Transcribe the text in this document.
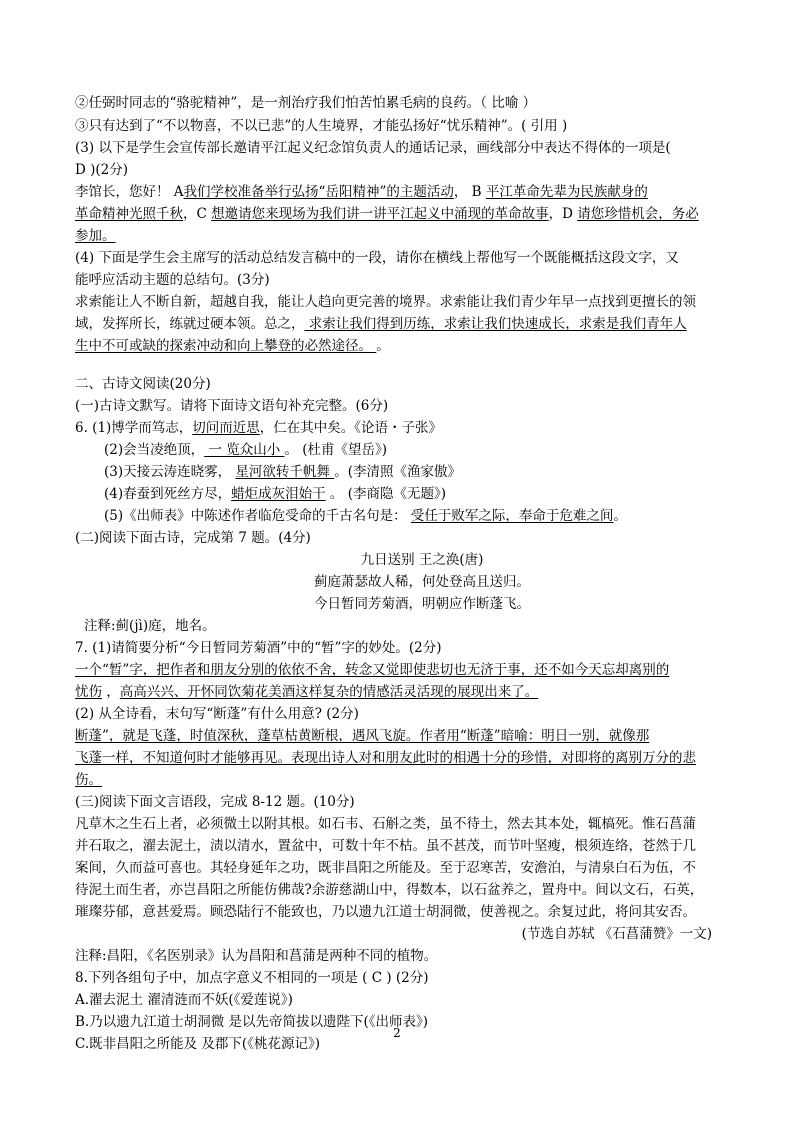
②任弼时同志的“骆驼精神”，是一剂治疗我们怕苦怕累毛病的良药。（ 比喻 ）
③只有达到了“不以物喜，不以已悲”的人生境界，才能弘扬好“忧乐精神”。( 引用 )
(3) 以下是学生会宣传部长邀请平江起义纪念馆负责人的通话记录，画线部分中表达不得体的一项是(
D )(2分)
李馆长，您好！ A我们学校准备举行弘扬“岳阳精神”的主题活动， B 平江革命先辈为民族献身的
革命精神光照千秋，C 想邀请您来现场为我们讲一讲平江起义中涌现的革命故事，D 请您珍惜机会，务必
参加。
(4) 下面是学生会主席写的活动总结发言稿中的一段，请你在横线上帮他写一个既能概括这段文字，又
能呼应活动主题的总结句。(3分)
求索能让人不断自新，超越自我，能让人趋向更完善的境界。求索能让我们青少年早一点找到更擅长的领
域，发挥所长，练就过硬本领。总之， 求索让我们得到历练，求索让我们快速成长，求索是我们青年人
生中不可或缺的探索冲动和向上攀登的必然途径。 。
二、古诗文阅读(20分)
(一)古诗文默写。请将下面诗文语句补充完整。(6分)
6. (1)博学而笃志，切问而近思，仁在其中矣。《论语・子张》
(2)会当凌绝顶， 一 览众山小 。 (杜甫《望岳》)
(3)天接云涛连晓雾， 星河欲转千帆舞 。(李清照《渔家傲》
(4)春蚕到死丝方尽，蜡炬成灰泪始干 。 (李商隐《无题》)
(5)《出师表》中陈述作者临危受命的千古名句是： 受任于败军之际，奉命于危难之间。
(二)阅读下面古诗，完成第 7 题。(4分)
九日送别 王之涣(唐)
蓟庭萧瑟故人稀，何处登高且送归。
今日暂同芳菊酒，明朝应作断蓬飞。
注释:蓟(jì)庭，地名。
7. (1)请简要分析“今日暂同芳菊酒”中的“暂”字的妙处。(2分)
一个“暂”字，把作者和朋友分别的依依不舍，转念又觉即使悲切也无济于事，还不如今天忘却离别的
忧伤 ，高高兴兴、开怀同饮菊花美酒这样复杂的情感活灵活现的展现出来了。
(2) 从全诗看，末句写“断蓬”有什么用意? (2分)
断蓬”，就是飞蓬，时值深秋，蓬草枯黄断根，遇风飞旋。作者用“断蓬”暗喻：明日一别，就像那
飞蓬一样，不知道何时才能够再见。表现出诗人对和朋友此时的相遇十分的珍惜，对即将的离别万分的悲
伤。
(三)阅读下面文言语段，完成 8-12 题。(10分)
凡草木之生石上者，必须微土以附其根。如石韦、石斛之类，虽不待土，然去其本处，辄槁死。惟石菖蒲
并石取之，濯去泥土，渍以清水，置盆中，可数十年不枯。虽不甚茂，而节叶坚瘦，根须连络，苍然于几
案间，久而益可喜也。其轻身延年之功，既非昌阳之所能及。至于忍寒苦，安澹泊，与清泉白石为伍，不
待泥土而生者，亦岂昌阳之所能仿佛哉?余游慈湖山中，得数本，以石盆养之，置舟中。间以文石，石英，
璀璨芬郁，意甚爱焉。顾恐陆行不能致也，乃以遗九江道士胡洞微，使善视之。余复过此，将问其安否。
(节选自苏轼 《石菖蒲赞》一文)
注释:昌阳，《名医别录》认为昌阳和菖蒲是两种不同的植物。
8.下列各组句子中，加点字意义不相同的一项是 ( C ) (2分)
A.濯去泥土 濯清涟而不妖(《爱莲说》)
B.乃以遗九江道士胡洞微 是以先帝简拔以遗陛下(《出师表》)
C.既非昌阳之所能及 及郡下(《桃花源记》)
2
